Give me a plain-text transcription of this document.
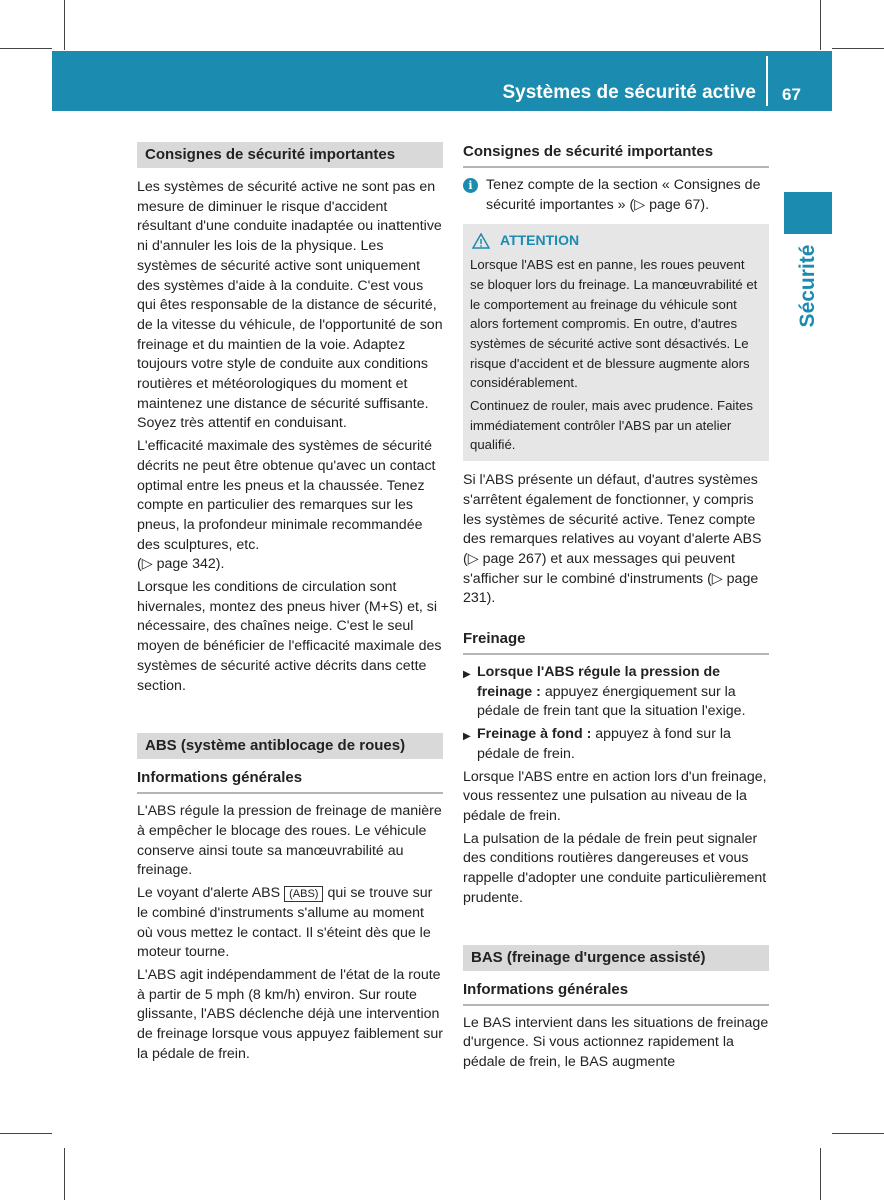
Systèmes de sécurité active 67
Sécurité
Consignes de sécurité importantes

Les systèmes de sécurité active ne sont pas en mesure de diminuer le risque d'accident résultant d'une conduite inadaptée ou inattentive ni d'annuler les lois de la physique. Les systèmes de sécurité active sont uniquement des systèmes d'aide à la conduite. C'est vous qui êtes responsable de la distance de sécurité, de la vitesse du véhicule, de l'opportunité de son freinage et du maintien de la voie. Adaptez toujours votre style de conduite aux conditions routières et météorologiques du moment et maintenez une distance de sécurité suffisante. Soyez très attentif en conduisant.

L'efficacité maximale des systèmes de sécurité décrits ne peut être obtenue qu'avec un contact optimal entre les pneus et la chaussée. Tenez compte en particulier des remarques sur les pneus, la profondeur minimale recommandée des sculptures, etc.

(▷ page 342).

Lorsque les conditions de circulation sont hivernales, montez des pneus hiver (M+S) et, si nécessaire, des chaînes neige. C'est le seul moyen de bénéficier de l'efficacité maximale des systèmes de sécurité active décrits dans cette section.

ABS (système antiblocage de roues)
Informations générales

L'ABS régule la pression de freinage de manière à empêcher le blocage des roues. Le véhicule conserve ainsi toute sa manœuvrabilité au freinage.

Le voyant d'alerte ABS (ABS) qui se trouve sur le combiné d'instruments s'allume au moment où vous mettez le contact. Il s'éteint dès que le moteur tourne.

L'ABS agit indépendamment de l'état de la route à partir de 5 mph (8 km/h) environ. Sur route glissante, l'ABS déclenche déjà une intervention de freinage lorsque vous appuyez faiblement sur la pédale de frein.

Consignes de sécurité importantes
i Tenez compte de la section « Consignes de sécurité importantes » (▷ page 67).
ATTENTION

Lorsque l'ABS est en panne, les roues peuvent se bloquer lors du freinage. La manœuvrabilité et le comportement au freinage du véhicule sont alors fortement compromis. En outre, d'autres systèmes de sécurité active sont désactivés. Le risque d'accident et de blessure augmente alors considérablement.

Continuez de rouler, mais avec prudence. Faites immédiatement contrôler l'ABS par un atelier qualifié.

Si l'ABS présente un défaut, d'autres systèmes s'arrêtent également de fonctionner, y compris les systèmes de sécurité active. Tenez compte des remarques relatives au voyant d'alerte ABS (▷ page 267) et aux messages qui peuvent s'afficher sur le combiné d'instruments (▷ page 231).

Freinage
▶ Lorsque l'ABS régule la pression de freinage : appuyez énergiquement sur la pédale de frein tant que la situation l'exige.
▶ Freinage à fond : appuyez à fond sur la pédale de frein.

Lorsque l'ABS entre en action lors d'un freinage, vous ressentez une pulsation au niveau de la pédale de frein.

La pulsation de la pédale de frein peut signaler des conditions routières dangereuses et vous rappelle d'adopter une conduite particulièrement prudente.

BAS (freinage d'urgence assisté)
Informations générales

Le BAS intervient dans les situations de freinage d'urgence. Si vous actionnez rapidement la pédale de frein, le BAS augmente
